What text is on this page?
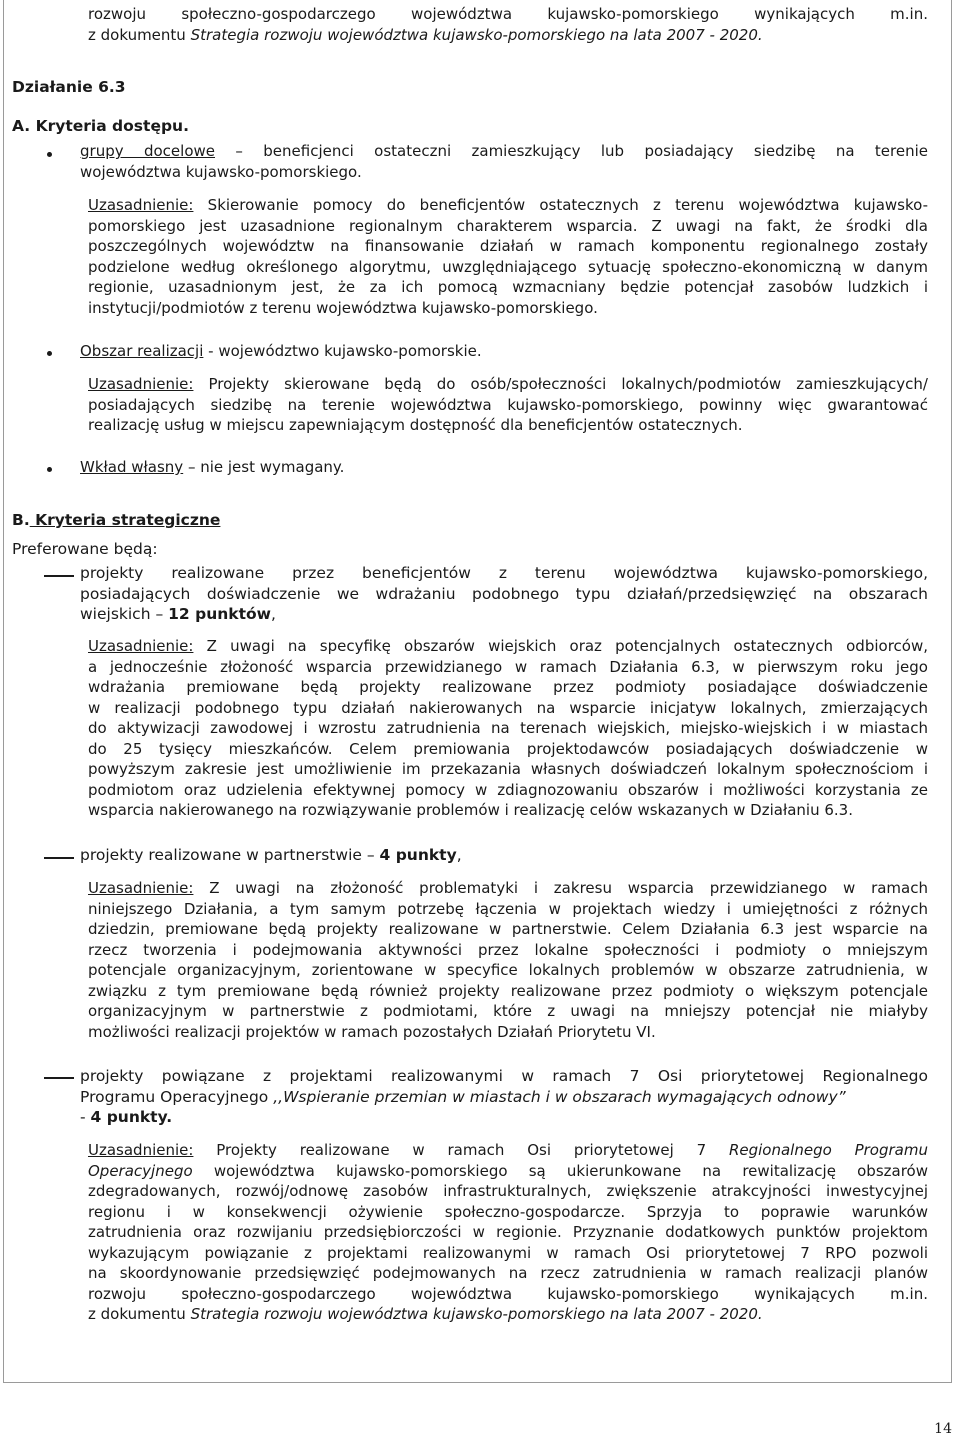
rozwoju społeczno-gospodarczego województwa kujawsko-pomorskiego wynikających m.in.
z dokumentu Strategia rozwoju województwa kujawsko-pomorskiego na lata 2007 - 2020.
Działanie 6.3
A. Kryteria dostępu.
grupy docelowe – beneficjenci ostateczni zamieszkujący lub posiadający siedzibę na terenie
województwa kujawsko-pomorskiego.
Uzasadnienie: Skierowanie pomocy do beneficjentów ostatecznych z terenu województwa kujawsko-
pomorskiego jest uzasadnione regionalnym charakterem wsparcia. Z uwagi na fakt, że środki dla
poszczególnych województw na finansowanie działań w ramach komponentu regionalnego zostały
podzielone według określonego algorytmu, uwzględniającego sytuację społeczno-ekonomiczną w danym
regionie, uzasadnionym jest, że za ich pomocą wzmacniany będzie potencjał zasobów ludzkich i
instytucji/podmiotów z terenu województwa kujawsko-pomorskiego.
Obszar realizacji - województwo kujawsko-pomorskie.
Uzasadnienie: Projekty skierowane będą do osób/społeczności lokalnych/podmiotów zamieszkujących/
posiadających siedzibę na terenie województwa kujawsko-pomorskiego, powinny więc gwarantować
realizację usług w miejscu zapewniającym dostępność dla beneficjentów ostatecznych.
Wkład własny – nie jest wymagany.
B. Kryteria strategiczne
Preferowane będą:
projekty realizowane przez beneficjentów z terenu województwa kujawsko-pomorskiego,
posiadających doświadczenie we wdrażaniu podobnego typu działań/przedsięwzięć na obszarach
wiejskich – 12 punktów,
Uzasadnienie: Z uwagi na specyfikę obszarów wiejskich oraz potencjalnych ostatecznych odbiorców,
a jednocześnie złożoność wsparcia przewidzianego w ramach Działania 6.3, w pierwszym roku jego
wdrażania premiowane będą projekty realizowane przez podmioty posiadające doświadczenie
w realizacji podobnego typu działań nakierowanych na wsparcie inicjatyw lokalnych, zmierzających
do aktywizacji zawodowej i wzrostu zatrudnienia na terenach wiejskich, miejsko-wiejskich i w miastach
do 25 tysięcy mieszkańców. Celem premiowania projektodawców posiadających doświadczenie w
powyższym zakresie jest umożliwienie im przekazania własnych doświadczeń lokalnym społecznościom i
podmiotom oraz udzielenia efektywnej pomocy w zdiagnozowaniu obszarów i możliwości korzystania ze
wsparcia nakierowanego na rozwiązywanie problemów i realizację celów wskazanych w Działaniu 6.3.
projekty realizowane w partnerstwie – 4 punkty,
Uzasadnienie: Z uwagi na złożoność problematyki i zakresu wsparcia przewidzianego w ramach
niniejszego Działania, a tym samym potrzebę łączenia w projektach wiedzy i umiejętności z różnych
dziedzin, premiowane będą projekty realizowane w partnerstwie. Celem Działania 6.3 jest wsparcie na
rzecz tworzenia i podejmowania aktywności przez lokalne społeczności i podmioty o mniejszym
potencjale organizacyjnym, zorientowane w specyfice lokalnych problemów w obszarze zatrudnienia, w
związku z tym premiowane będą również projekty realizowane przez podmioty o większym potencjale
organizacyjnym w partnerstwie z podmiotami, które z uwagi na mniejszy potencjał nie miałyby
możliwości realizacji projektów w ramach pozostałych Działań Priorytetu VI.
projekty powiązane z projektami realizowanymi w ramach 7 Osi priorytetowej Regionalnego
Programu Operacyjnego ,,Wspieranie przemian w miastach i w obszarach wymagających odnowy”
- 4 punkty.
Uzasadnienie: Projekty realizowane w ramach Osi priorytetowej 7 Regionalnego Programu
Operacyjnego województwa kujawsko-pomorskiego są ukierunkowane na rewitalizację obszarów
zdegradowanych, rozwój/odnowę zasobów infrastrukturalnych, zwiększenie atrakcyjności inwestycyjnej
regionu i w konsekwencji ożywienie społeczno-gospodarcze. Sprzyja to poprawie warunków
zatrudnienia oraz rozwijaniu przedsiębiorczości w regionie. Przyznanie dodatkowych punktów projektom
wykazującym powiązanie z projektami realizowanymi w ramach Osi priorytetowej 7 RPO pozwoli
na skoordynowanie przedsięwzięć podejmowanych na rzecz zatrudnienia w ramach realizacji planów
rozwoju społeczno-gospodarczego województwa kujawsko-pomorskiego wynikających m.in.
z dokumentu Strategia rozwoju województwa kujawsko-pomorskiego na lata 2007 - 2020.
14
